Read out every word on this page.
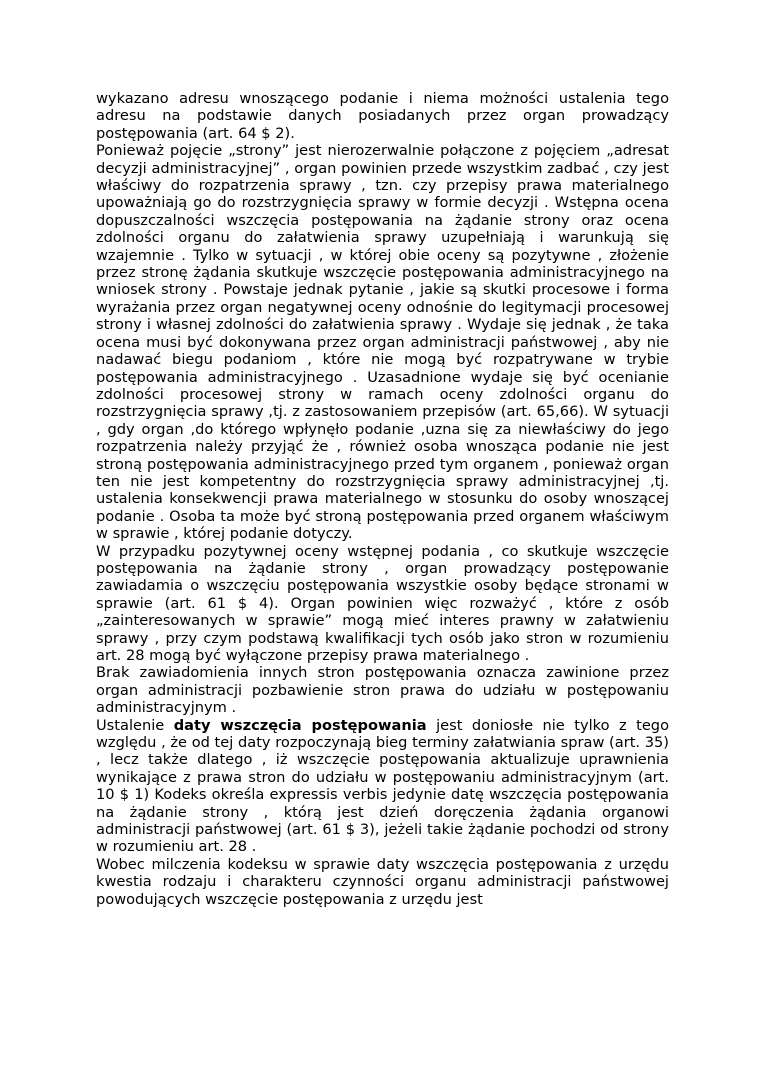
wykazano adresu wnoszącego podanie i niema możności ustalenia tego adresu na podstawie danych posiadanych przez organ prowadzący postępowania (art. 64 $ 2).

Ponieważ pojęcie „strony” jest nierozerwalnie połączone z pojęciem „adresat decyzji administracyjnej” , organ powinien przede wszystkim zadbać , czy jest właściwy do rozpatrzenia sprawy , tzn. czy przepisy prawa materialnego upoważniają go do rozstrzygnięcia sprawy w formie decyzji . Wstępna ocena dopuszczalności wszczęcia postępowania na żądanie strony oraz ocena zdolności organu do załatwienia sprawy uzupełniają i warunkują się wzajemnie . Tylko w sytuacji , w której obie oceny są pozytywne , złożenie przez stronę żądania skutkuje wszczęcie postępowania administracyjnego na wniosek strony . Powstaje jednak pytanie , jakie są skutki procesowe i forma wyrażania przez organ negatywnej oceny odnośnie do legitymacji procesowej strony i własnej zdolności do załatwienia sprawy . Wydaje się jednak , że taka ocena musi być dokonywana przez organ administracji państwowej , aby nie nadawać biegu podaniom , które nie mogą być rozpatrywane w trybie postępowania administracyjnego . Uzasadnione wydaje się być ocenianie zdolności procesowej strony w ramach oceny zdolności organu do rozstrzygnięcia sprawy ,tj. z zastosowaniem przepisów (art. 65,66). W sytuacji , gdy organ ,do którego wpłynęło podanie ,uzna się za niewłaściwy do jego rozpatrzenia należy przyjąć że , również osoba wnosząca podanie nie jest stroną postępowania administracyjnego przed tym organem , ponieważ organ ten nie jest kompetentny do rozstrzygnięcia sprawy administracyjnej ,tj. ustalenia konsekwencji prawa materialnego w stosunku do osoby wnoszącej podanie . Osoba ta może być stroną postępowania przed organem właściwym w sprawie , której podanie dotyczy.

W przypadku pozytywnej oceny wstępnej podania , co skutkuje wszczęcie postępowania na żądanie strony , organ prowadzący postępowanie zawiadamia o wszczęciu postępowania wszystkie osoby będące stronami w sprawie (art. 61 $ 4). Organ powinien więc rozważyć , które z osób „zainteresowanych w sprawie” mogą mieć interes prawny w załatwieniu sprawy , przy czym podstawą kwalifikacji tych osób jako stron w rozumieniu art. 28 mogą być wyłączone przepisy prawa materialnego .

Brak zawiadomienia innych stron postępowania oznacza zawinione przez organ administracji pozbawienie stron prawa do udziału w postępowaniu administracyjnym .

Ustalenie daty wszczęcia postępowania jest doniosłe nie tylko z tego względu , że od tej daty rozpoczynają bieg terminy załatwiania spraw (art. 35) , lecz także dlatego , iż wszczęcie postępowania aktualizuje uprawnienia wynikające z prawa stron do udziału w postępowaniu administracyjnym (art. 10 $ 1) Kodeks określa expressis verbis jedynie datę wszczęcia postępowania na żądanie strony , którą jest dzień doręczenia żądania organowi administracji państwowej (art. 61 $ 3), jeżeli takie żądanie pochodzi od strony w rozumieniu art. 28 .

Wobec milczenia kodeksu w sprawie daty wszczęcia postępowania z urzędu kwestia rodzaju i charakteru czynności organu administracji państwowej powodujących wszczęcie postępowania z urzędu jest
